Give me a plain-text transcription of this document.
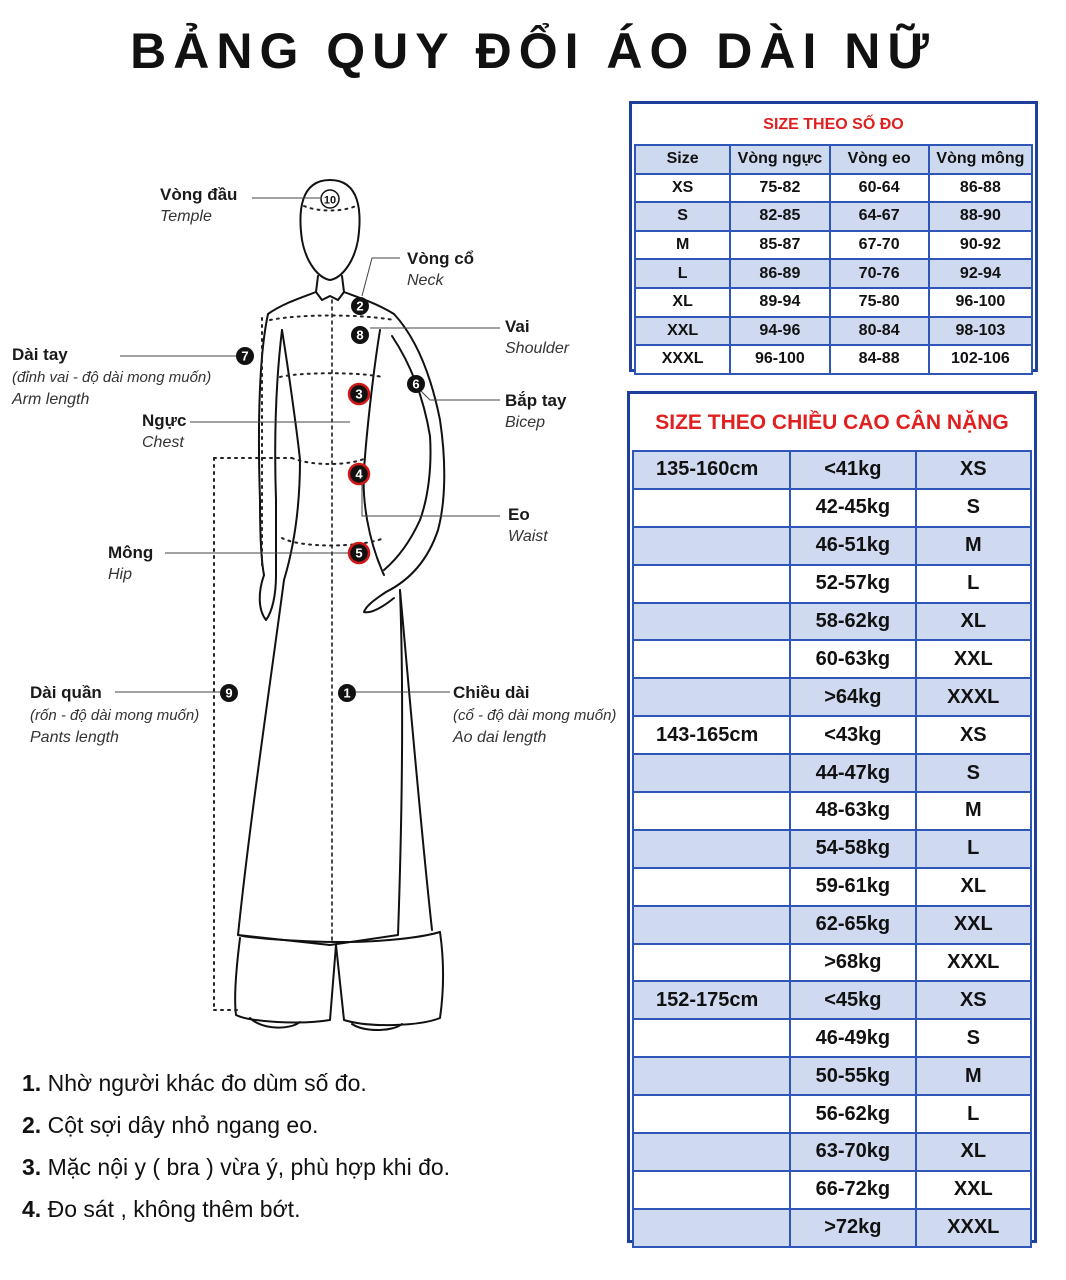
BẢNG QUY ĐỔI ÁO DÀI NỮ
10
2
8
7
6
3
4
5
9	1
Vòng đầu
Temple
Vòng cổ
Neck
Vai
Shoulder
Dài tay
(đỉnh vai - độ dài mong muốn)
Arm length	Bắp tay
Bicep
Ngực
Chest
Eo
Waist
Mông
Hip
Dài quần
(rốn - độ dài mong muốn)
Pants length
Chiều dài
(cổ - độ dài mong muốn)
Ao dai length
1. Nhờ người khác đo dùm số đo.
2. Cột sợi dây nhỏ ngang eo.
3. Mặc nội y ( bra ) vừa ý, phù hợp khi đo.
4. Đo sát , không thêm bớt.
SIZE THEO SỐ ĐO
Size	Vòng ngực	Vòng eo	Vòng mông
XS	75-82	60-64	86-88
S	82-85	64-67	88-90
M	85-87	67-70	90-92
L	86-89	70-76	92-94
XL	89-94	75-80	96-100
XXL	94-96	80-84	98-103
XXXL	96-100	84-88	102-106
SIZE THEO CHIỀU CAO CÂN NẶNG
135-160cm	<41kg	XS
	42-45kg	S
	46-51kg	M
	52-57kg	L
	58-62kg	XL
	60-63kg	XXL
	>64kg	XXXL
143-165cm	<43kg	XS
	44-47kg	S
	48-63kg	M
	54-58kg	L
	59-61kg	XL
	62-65kg	XXL
	>68kg	XXXL
152-175cm	<45kg	XS
	46-49kg	S
	50-55kg	M
	56-62kg	L
	63-70kg	XL
	66-72kg	XXL
	>72kg	XXXL
